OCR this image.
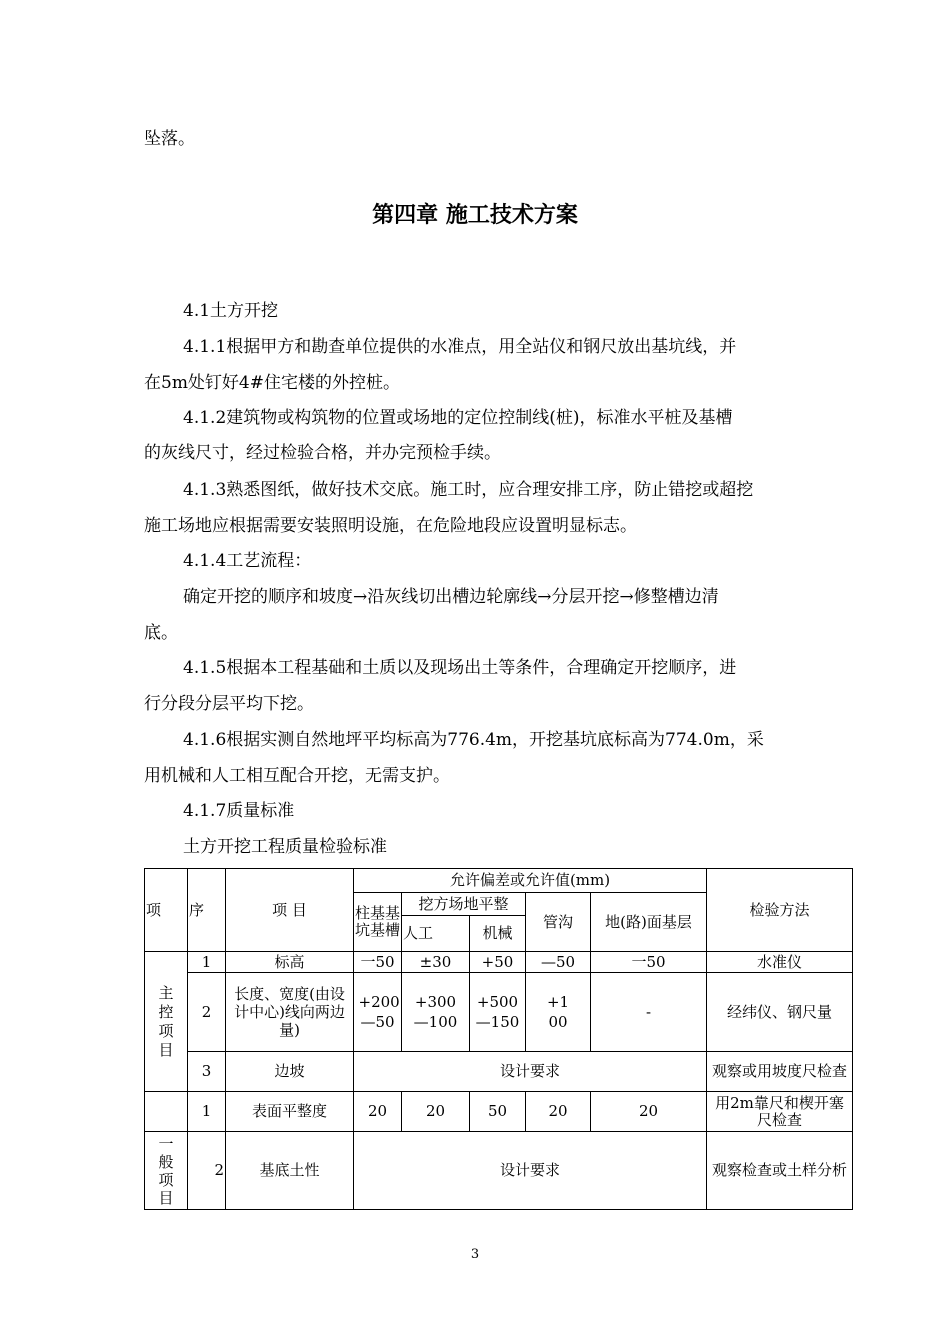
坠落。
第四章 施工技术方案
4.1土方开挖
4.1.1根据甲方和勘查单位提供的水准点，用全站仪和钢尺放出基坑线，并
在5m处钉好4#住宅楼的外控桩。
4.1.2建筑物或构筑物的位置或场地的定位控制线(桩)，标准水平桩及基槽
的灰线尺寸，经过检验合格，并办完预检手续。
4.1.3熟悉图纸，做好技术交底。施工时，应合理安排工序，防止错挖或超挖
施工场地应根据需要安装照明设施，在危险地段应设置明显标志。
4.1.4工艺流程：
确定开挖的顺序和坡度→沿灰线切出槽边轮廓线→分层开挖→修整槽边清
底。
4.1.5根据本工程基础和土质以及现场出土等条件，合理确定开挖顺序，进
行分段分层平均下挖。
4.1.6根据实测自然地坪平均标高为776.4m，开挖基坑底标高为774.0m，采
用机械和人工相互配合开挖，无需支护。
4.1.7质量标准
土方开挖工程质量检验标准
项	序	项 目	允许偏差或允许值(mm)					检验方法
			柱基基坑基槽	挖方场地平整		管沟	地(路)面基层	
				人工	机械			

主控项目	1	标高	一50	±30	+50	—50	一50	水准仪
	2	长度、宽度(由设计中心)线向两边量)	+200—50	+300—100	+500—150	+100	-	经纬仪、钢尺量
	3	边坡	设计要求					观察或用坡度尺检查

	1	表面平整度	20	20	50	20	20	用2m靠尺和楔开塞尺检查

一般项目	2	基底土性	设计要求					观察检查或土样分析
3
